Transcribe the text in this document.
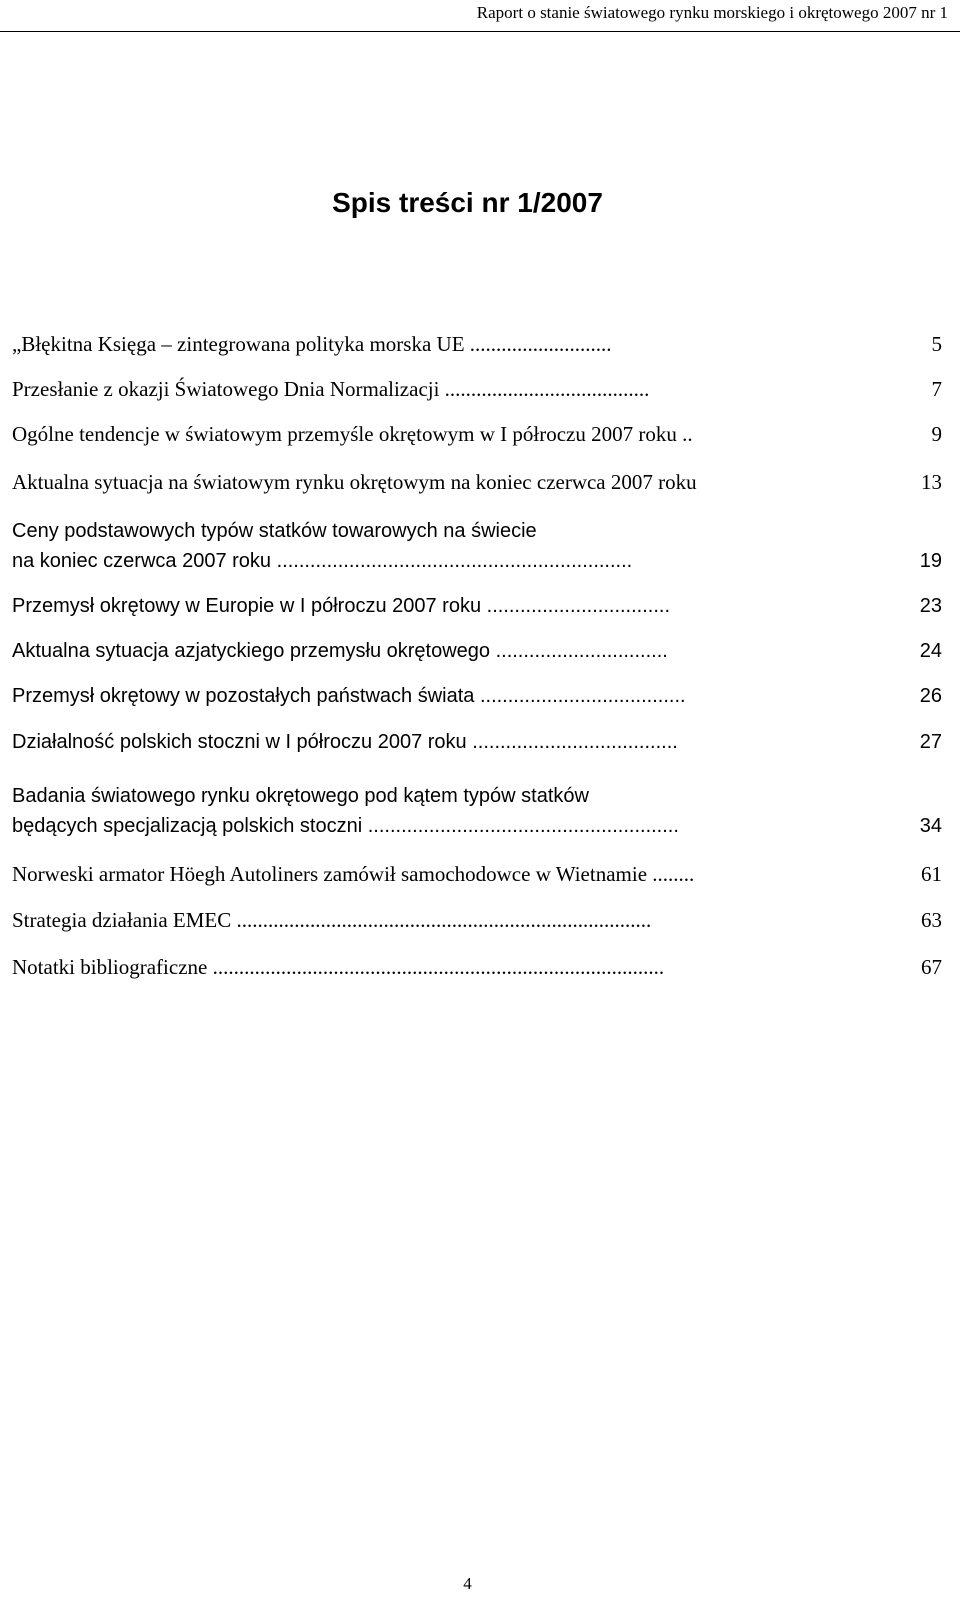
Raport o stanie światowego rynku morskiego i okrętowego 2007 nr 1
Spis treści nr 1/2007
„Błękitna Księga – zintegrowana polityka morska UE ...........................	5
Przesłanie z okazji Światowego Dnia Normalizacji .......................................	7
Ogólne tendencje w światowym przemyśle okrętowym w I półroczu 2007 roku ..	9
Aktualna sytuacja na światowym rynku okrętowym na koniec czerwca 2007 roku	13
Ceny podstawowych typów statków towarowych na świecie
na koniec czerwca 2007 roku ................................................................	19
Przemysł okrętowy w Europie w I półroczu 2007 roku .................................	23
Aktualna sytuacja azjatyckiego przemysłu okrętowego ...............................	24
Przemysł okrętowy w pozostałych państwach świata .....................................	26
Działalność polskich stoczni w I półroczu 2007 roku .....................................	27
Badania światowego rynku okrętowego pod kątem typów statków
będących specjalizacją polskich stoczni ........................................................	34
Norweski armator Höegh Autoliners zamówił samochodowce w Wietnamie ........	61
Strategia działania EMEC ...............................................................................	63
Notatki bibliograficzne ......................................................................................	67
4
